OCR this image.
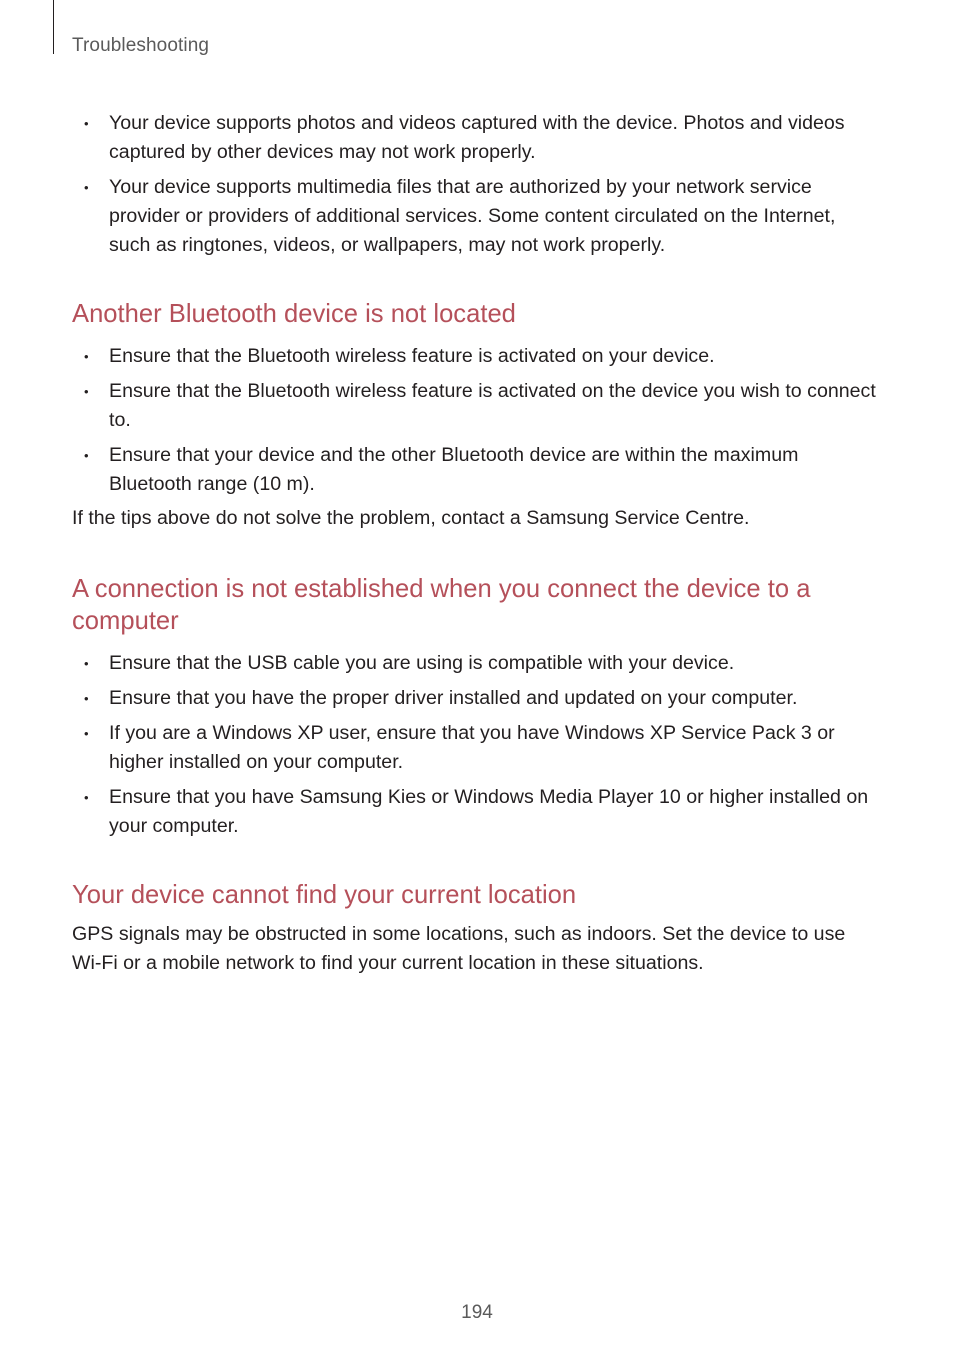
Troubleshooting
• Your device supports photos and videos captured with the device. Photos and videos captured by other devices may not work properly.
• Your device supports multimedia files that are authorized by your network service provider or providers of additional services. Some content circulated on the Internet, such as ringtones, videos, or wallpapers, may not work properly.
Another Bluetooth device is not located
• Ensure that the Bluetooth wireless feature is activated on your device.
• Ensure that the Bluetooth wireless feature is activated on the device you wish to connect to.
• Ensure that your device and the other Bluetooth device are within the maximum Bluetooth range (10 m).

If the tips above do not solve the problem, contact a Samsung Service Centre.

A connection is not established when you connect the device to a computer
• Ensure that the USB cable you are using is compatible with your device.
• Ensure that you have the proper driver installed and updated on your computer.
• If you are a Windows XP user, ensure that you have Windows XP Service Pack 3 or higher installed on your computer.
• Ensure that you have Samsung Kies or Windows Media Player 10 or higher installed on your computer.
Your device cannot find your current location

GPS signals may be obstructed in some locations, such as indoors. Set the device to use Wi-Fi or a mobile network to find your current location in these situations.

194
